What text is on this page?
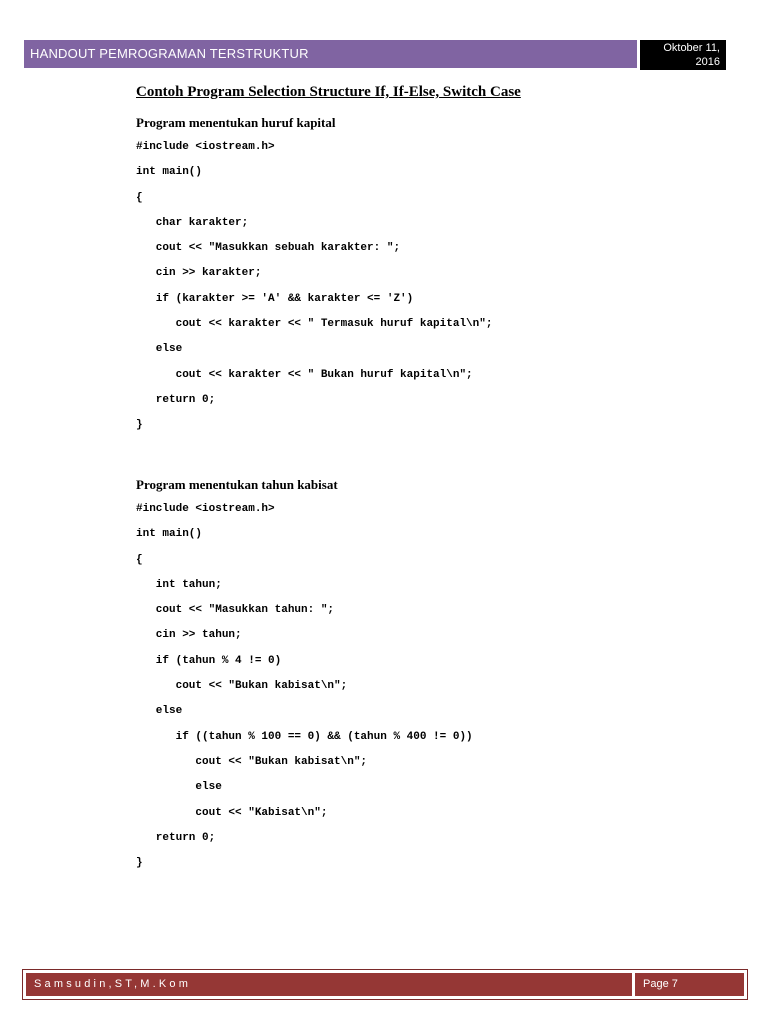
HANDOUT PEMROGRAMAN TERSTRUKTUR	Oktober 11,
2016
Contoh Program Selection Structure If, If-Else, Switch Case
Program menentukan huruf kapital
#include <iostream.h>
int main()
{
char karakter;
cout << "Masukkan sebuah karakter: ";
cin >> karakter;
if (karakter >= 'A' && karakter <= 'Z')
cout << karakter << " Termasuk huruf kapital\n";
else
cout << karakter << " Bukan huruf kapital\n";
return 0;
}
Program menentukan tahun kabisat
#include <iostream.h>
int main()
{
int tahun;
cout << "Masukkan tahun: ";
cin >> tahun;
if (tahun % 4 != 0)
cout << "Bukan kabisat\n";
else
if ((tahun % 100 == 0) && (tahun % 400 != 0))
cout << "Bukan kabisat\n";
else
cout << "Kabisat\n";
return 0;
}
Samsudin,ST,M.Kom	Page 7
